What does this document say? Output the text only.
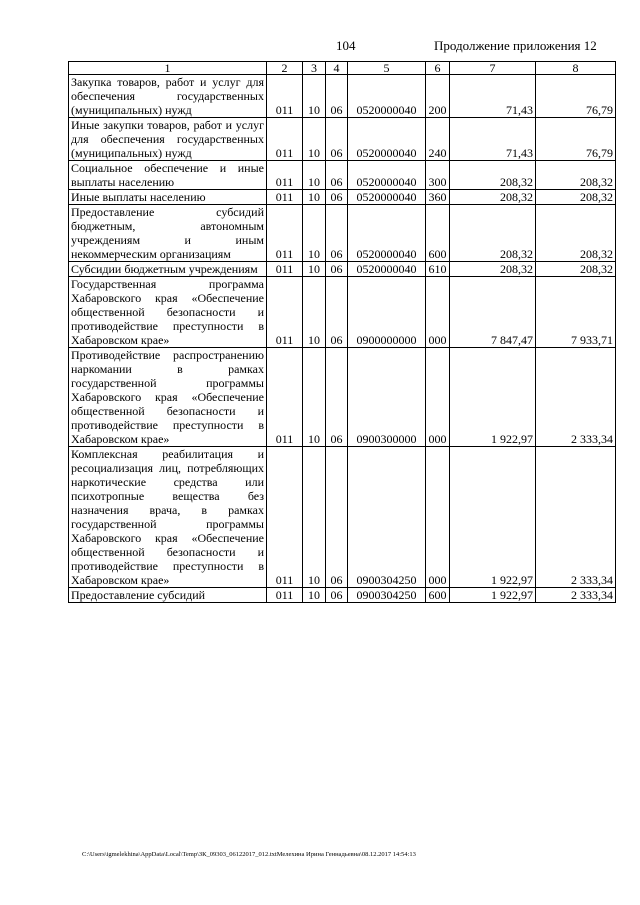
104	Продолжение приложения 12
1	2	3	4	5	6	7	8
Закупка товаров, работ и услуг для обеспечения государственных (муниципальных) нужд	011	10	06	0520000040	200	71,43	76,79
Иные закупки товаров, работ и услуг для обеспечения государственных (муниципальных) нужд	011	10	06	0520000040	240	71,43	76,79
Социальное обеспечение и иные выплаты населению	011	10	06	0520000040	300	208,32	208,32
Иные выплаты населению	011	10	06	0520000040	360	208,32	208,32
Предоставление субсидий бюджетным, автономным учреждениям и иным некоммерческим организациям	011	10	06	0520000040	600	208,32	208,32
Субсидии бюджетным учреждениям	011	10	06	0520000040	610	208,32	208,32
Государственная программа Хабаровского края «Обеспечение общественной безопасности и противодействие преступности в Хабаровском крае»	011	10	06	0900000000	000	7 847,47	7 933,71
Противодействие распространению наркомании в рамках государственной программы Хабаровского края «Обеспечение общественной безопасности и противодействие преступности в Хабаровском крае»	011	10	06	0900300000	000	1 922,97	2 333,34
Комплексная реабилитация и ресоциализация лиц, потребляющих наркотические средства или психотропные вещества без назначения врача, в рамках государственной программы Хабаровского края «Обеспечение общественной безопасности и противодействие преступности в Хабаровском крае»	011	10	06	0900304250	000	1 922,97	2 333,34
Предоставление субсидий	011	10	06	0900304250	600	1 922,97	2 333,34
C:\Users\igmelekhina\AppData\Local\Temp\ЗК_09303_06122017_012.txtМелехина Ирина Геннадьевна\08.12.2017 14:54:13
